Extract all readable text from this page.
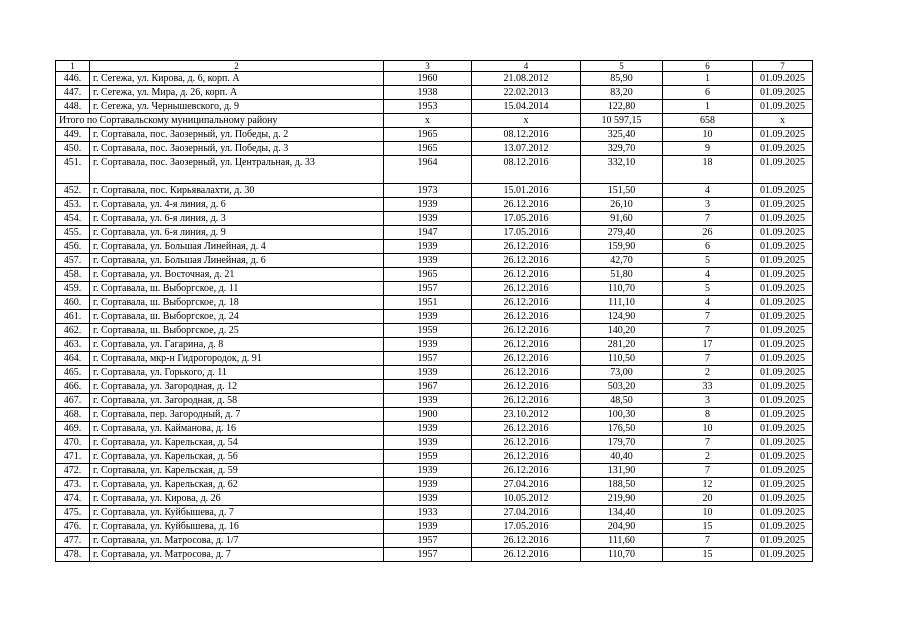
1	2	3	4	5	6	7
446.	г. Сегежа, ул. Кирова, д. 6, корп. А	1960	21.08.2012	85,90	1	01.09.2025
447.	г. Сегежа, ул. Мира, д. 26, корп. А	1938	22.02.2013	83,20	6	01.09.2025
448.	г. Сегежа, ул. Чернышевского, д. 9	1953	15.04.2014	122,80	1	01.09.2025
Итого по Сортавальскому муниципальному району		х	х	10 597,15	658	х
449.	г. Сортавала, пос. Заозерный, ул. Победы, д. 2	1965	08.12.2016	325,40	10	01.09.2025
450.	г. Сортавала, пос. Заозерный, ул. Победы, д. 3	1965	13.07.2012	329,70	9	01.09.2025
451.	г. Сортавала, пос. Заозерный, ул. Центральная, д. 33	1964	08.12.2016	332,10	18	01.09.2025
452.	г. Сортавала, пос. Кирьявалахти, д. 30	1973	15.01.2016	151,50	4	01.09.2025
453.	г. Сортавала, ул. 4-я линия, д. 6	1939	26.12.2016	26,10	3	01.09.2025
454.	г. Сортавала, ул. 6-я линия, д. 3	1939	17.05.2016	91,60	7	01.09.2025
455.	г. Сортавала, ул. 6-я линия, д. 9	1947	17.05.2016	279,40	26	01.09.2025
456.	г. Сортавала, ул. Большая Линейная, д. 4	1939	26.12.2016	159,90	6	01.09.2025
457.	г. Сортавала, ул. Большая Линейная, д. 6	1939	26.12.2016	42,70	5	01.09.2025
458.	г. Сортавала, ул. Восточная, д. 21	1965	26.12.2016	51,80	4	01.09.2025
459.	г. Сортавала, ш. Выборгское, д. 11	1957	26.12.2016	110,70	5	01.09.2025
460.	г. Сортавала, ш. Выборгское, д. 18	1951	26.12.2016	111,10	4	01.09.2025
461.	г. Сортавала, ш. Выборгское, д. 24	1939	26.12.2016	124,90	7	01.09.2025
462.	г. Сортавала, ш. Выборгское, д. 25	1959	26.12.2016	140,20	7	01.09.2025
463.	г. Сортавала, ул. Гагарина, д. 8	1939	26.12.2016	281,20	17	01.09.2025
464.	г. Сортавала, мкр-н Гидрогородок, д. 91	1957	26.12.2016	110,50	7	01.09.2025
465.	г. Сортавала, ул. Горького, д. 11	1939	26.12.2016	73,00	2	01.09.2025
466.	г. Сортавала, ул. Загородная, д. 12	1967	26.12.2016	503,20	33	01.09.2025
467.	г. Сортавала, ул. Загородная, д. 58	1939	26.12.2016	48,50	3	01.09.2025
468.	г. Сортавала, пер. Загородный, д. 7	1900	23.10.2012	100,30	8	01.09.2025
469.	г. Сортавала, ул. Кайманова, д. 16	1939	26.12.2016	176,50	10	01.09.2025
470.	г. Сортавала, ул. Карельская, д. 54	1939	26.12.2016	179,70	7	01.09.2025
471.	г. Сортавала, ул. Карельская, д. 56	1959	26.12.2016	40,40	2	01.09.2025
472.	г. Сортавала, ул. Карельская, д. 59	1939	26.12.2016	131,90	7	01.09.2025
473.	г. Сортавала, ул. Карельская, д. 62	1939	27.04.2016	188,50	12	01.09.2025
474.	г. Сортавала, ул. Кирова, д. 26	1939	10.05.2012	219,90	20	01.09.2025
475.	г. Сортавала, ул. Куйбышева, д. 7	1933	27.04.2016	134,40	10	01.09.2025
476.	г. Сортавала, ул. Куйбышева, д. 16	1939	17.05.2016	204,90	15	01.09.2025
477.	г. Сортавала, ул. Матросова, д. 1/7	1957	26.12.2016	111,60	7	01.09.2025
478.	г. Сортавала, ул. Матросова, д. 7	1957	26.12.2016	110,70	15	01.09.2025
